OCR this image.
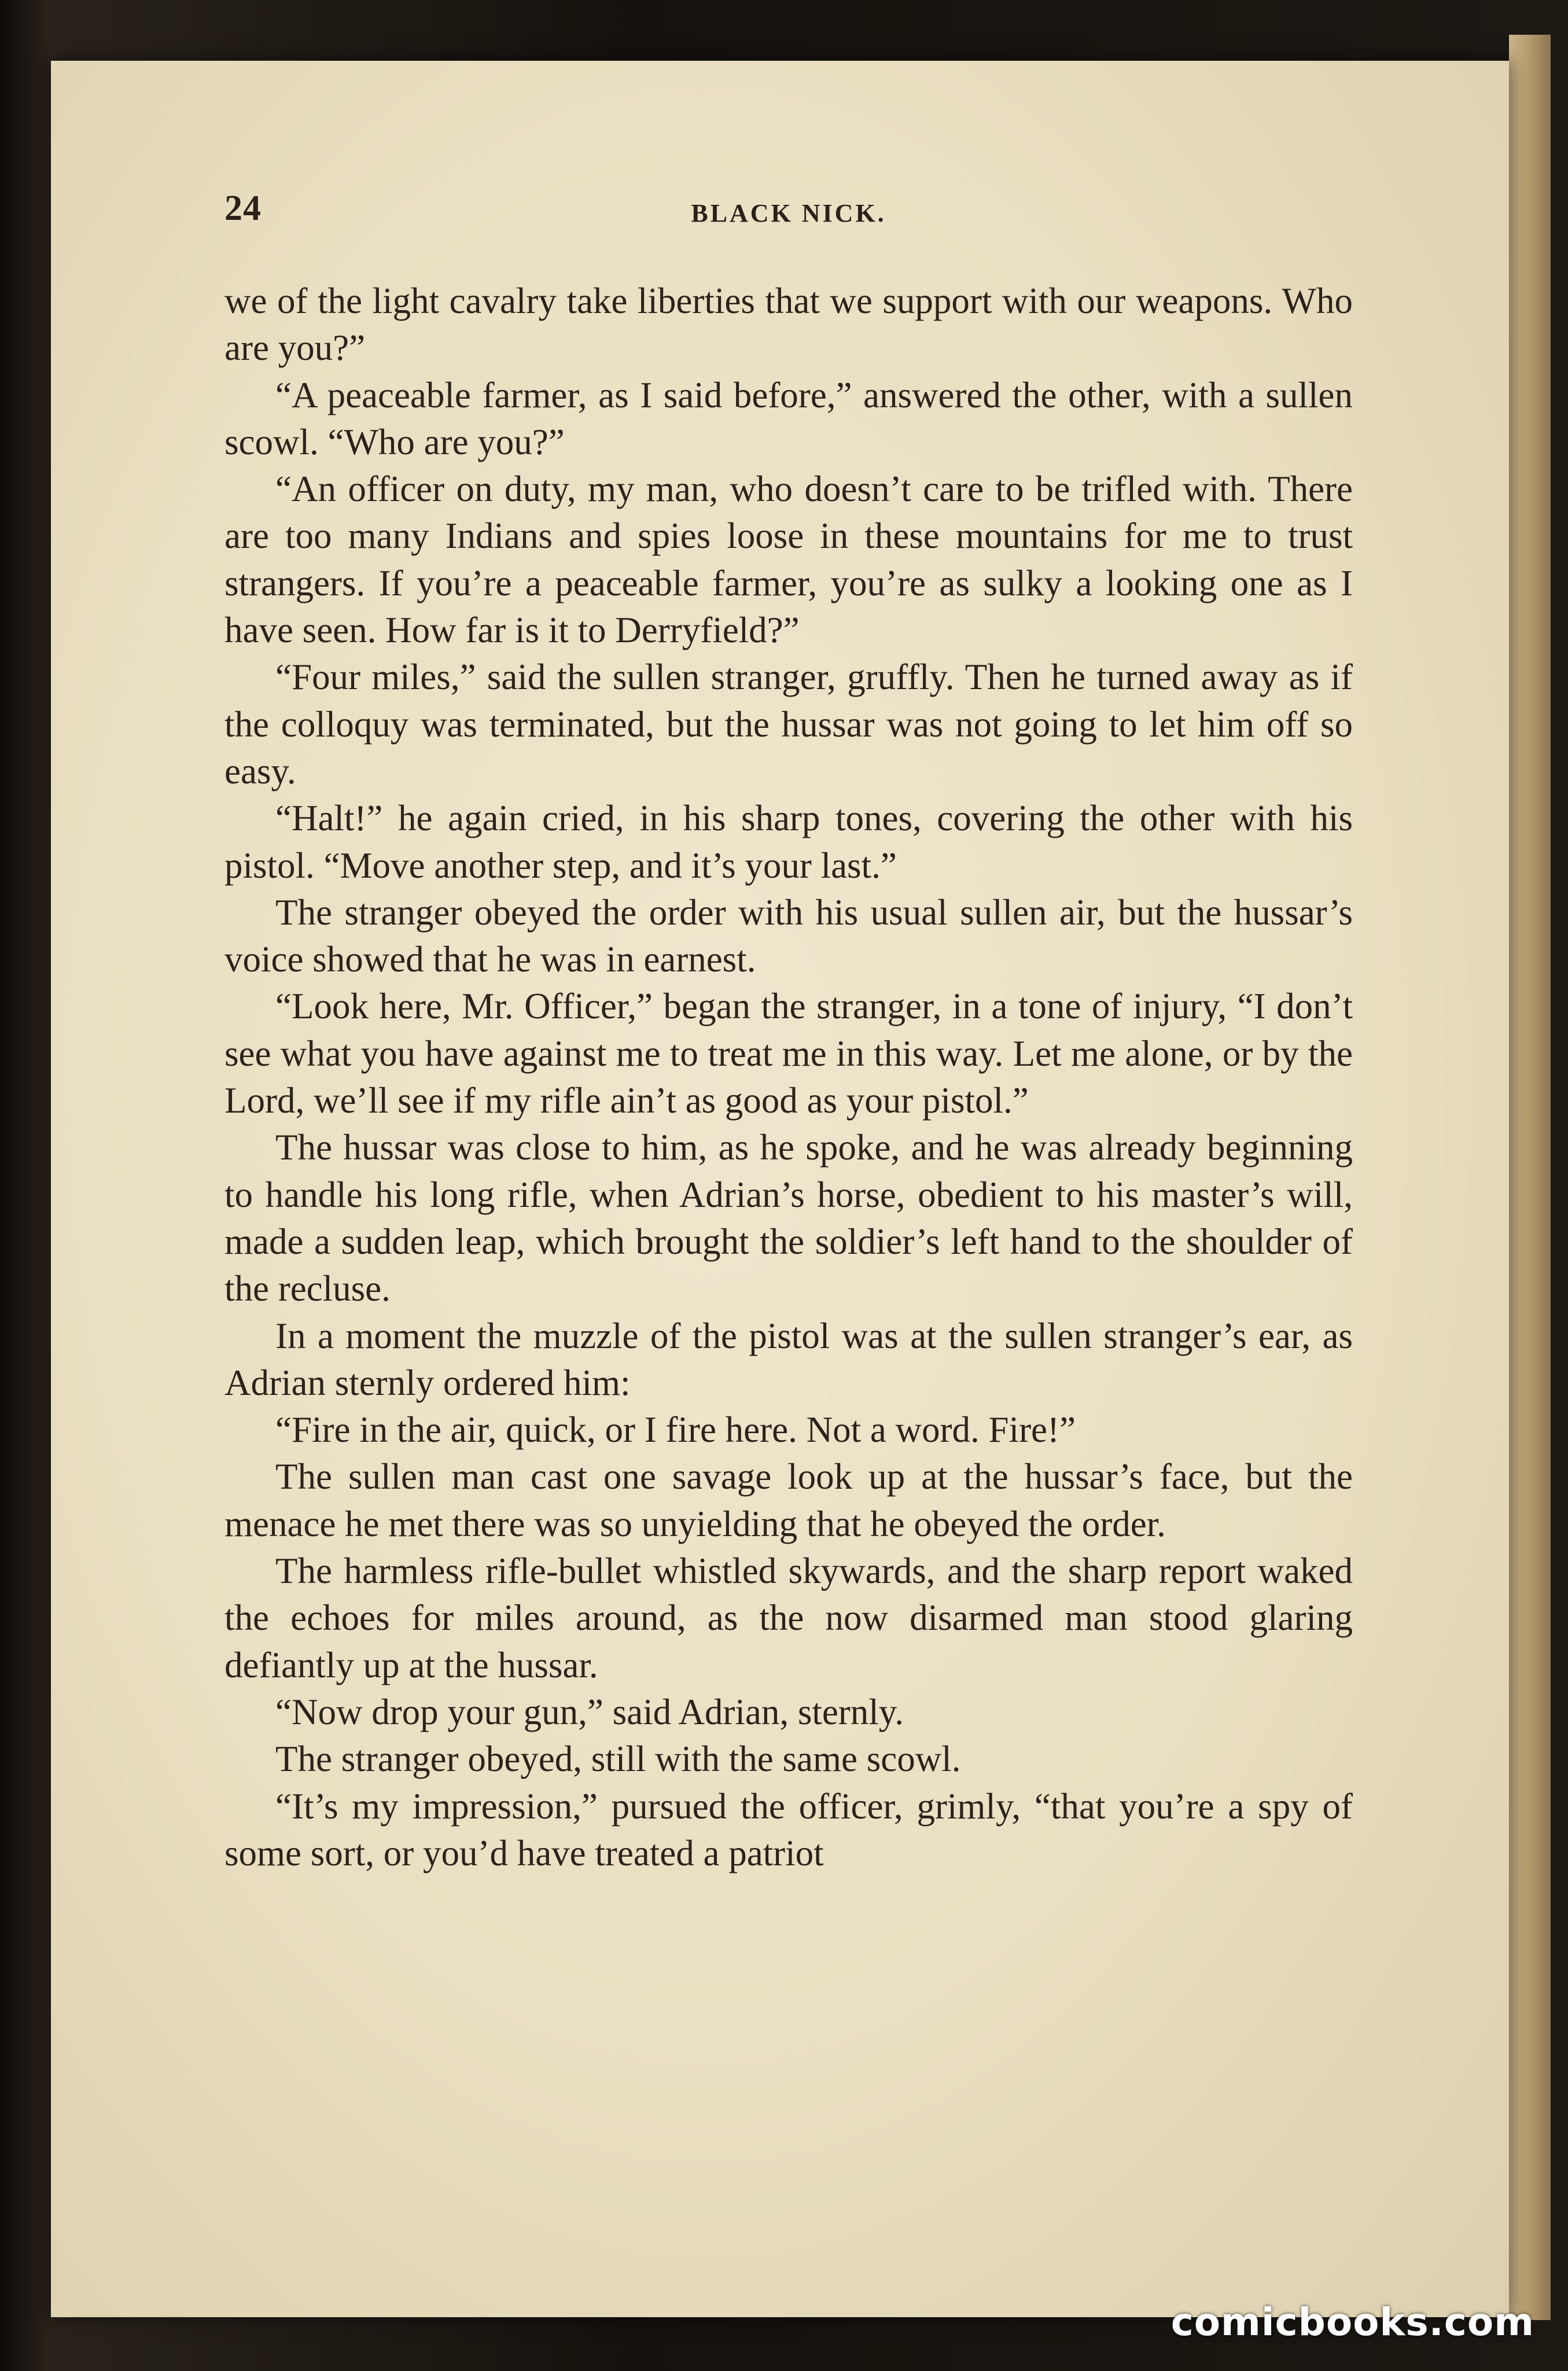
24	BLACK NICK.

we of the light cavalry take liberties that we support with our weapons. Who are you?”

“A peaceable farmer, as I said before,” answered the other, with a sullen scowl. “Who are you?”

“An officer on duty, my man, who doesn’t care to be trifled with. There are too many Indians and spies loose in these mountains for me to trust strangers. If you’re a peaceable farmer, you’re as sulky a looking one as I have seen. How far is it to Derryfield?”

“Four miles,” said the sullen stranger, gruffly. Then he turned away as if the colloquy was terminated, but the hussar was not going to let him off so easy.

“Halt!” he again cried, in his sharp tones, covering the other with his pistol. “Move another step, and it’s your last.”

The stranger obeyed the order with his usual sullen air, but the hussar’s voice showed that he was in earnest.

“Look here, Mr. Officer,” began the stranger, in a tone of injury, “I don’t see what you have against me to treat me in this way. Let me alone, or by the Lord, we’ll see if my rifle ain’t as good as your pistol.”

The hussar was close to him, as he spoke, and he was already beginning to handle his long rifle, when Adrian’s horse, obedient to his master’s will, made a sudden leap, which brought the soldier’s left hand to the shoulder of the recluse.

In a moment the muzzle of the pistol was at the sullen stranger’s ear, as Adrian sternly ordered him:

“Fire in the air, quick, or I fire here. Not a word. Fire!”

The sullen man cast one savage look up at the hussar’s face, but the menace he met there was so unyielding that he obeyed the order.

The harmless rifle-bullet whistled skywards, and the sharp report waked the echoes for miles around, as the now disarmed man stood glaring defiantly up at the hussar.

“Now drop your gun,” said Adrian, sternly.

The stranger obeyed, still with the same scowl.

“It’s my impression,” pursued the officer, grimly, “that you’re a spy of some sort, or you’d have treated a patriot

comicbooks.com
